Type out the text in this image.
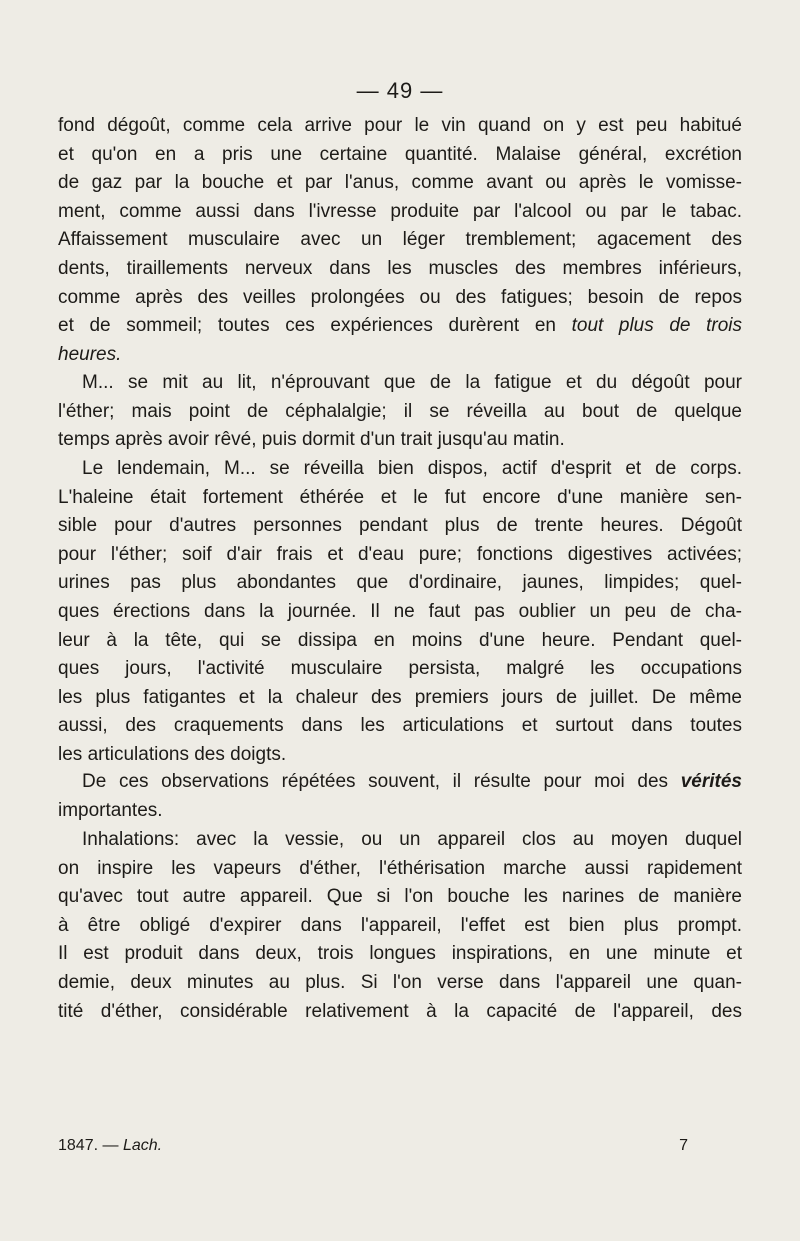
— 49 —
fond dégoût, comme cela arrive pour le vin quand on y est peu habitué
et qu'on en a pris une certaine quantité. Malaise général, excrétion
de gaz par la bouche et par l'anus, comme avant ou après le vomisse-
ment, comme aussi dans l'ivresse produite par l'alcool ou par le tabac.
Affaissement musculaire avec un léger tremblement; agacement des
dents, tiraillements nerveux dans les muscles des membres inférieurs,
comme après des veilles prolongées ou des fatigues; besoin de repos
et de sommeil; toutes ces expériences durèrent en tout plus de trois
heures.
M... se mit au lit, n'éprouvant que de la fatigue et du dégoût pour
l'éther; mais point de céphalalgie; il se réveilla au bout de quelque
temps après avoir rêvé, puis dormit d'un trait jusqu'au matin.
Le lendemain, M... se réveilla bien dispos, actif d'esprit et de corps.
L'haleine était fortement éthérée et le fut encore d'une manière sen-
sible pour d'autres personnes pendant plus de trente heures. Dégoût
pour l'éther; soif d'air frais et d'eau pure; fonctions digestives activées;
urines pas plus abondantes que d'ordinaire, jaunes, limpides; quel-
ques érections dans la journée. Il ne faut pas oublier un peu de cha-
leur à la tête, qui se dissipa en moins d'une heure. Pendant quel-
ques jours, l'activité musculaire persista, malgré les occupations
les plus fatigantes et la chaleur des premiers jours de juillet. De même
aussi, des craquements dans les articulations et surtout dans toutes
les articulations des doigts.
De ces observations répétées souvent, il résulte pour moi des vérités
importantes.
Inhalations: avec la vessie, ou un appareil clos au moyen duquel
on inspire les vapeurs d'éther, l'éthérisation marche aussi rapidement
qu'avec tout autre appareil. Que si l'on bouche les narines de manière
à être obligé d'expirer dans l'appareil, l'effet est bien plus prompt.
Il est produit dans deux, trois longues inspirations, en une minute et
demie, deux minutes au plus. Si l'on verse dans l'appareil une quan-
tité d'éther, considérable relativement à la capacité de l'appareil, des
1847. — Lach.	7
